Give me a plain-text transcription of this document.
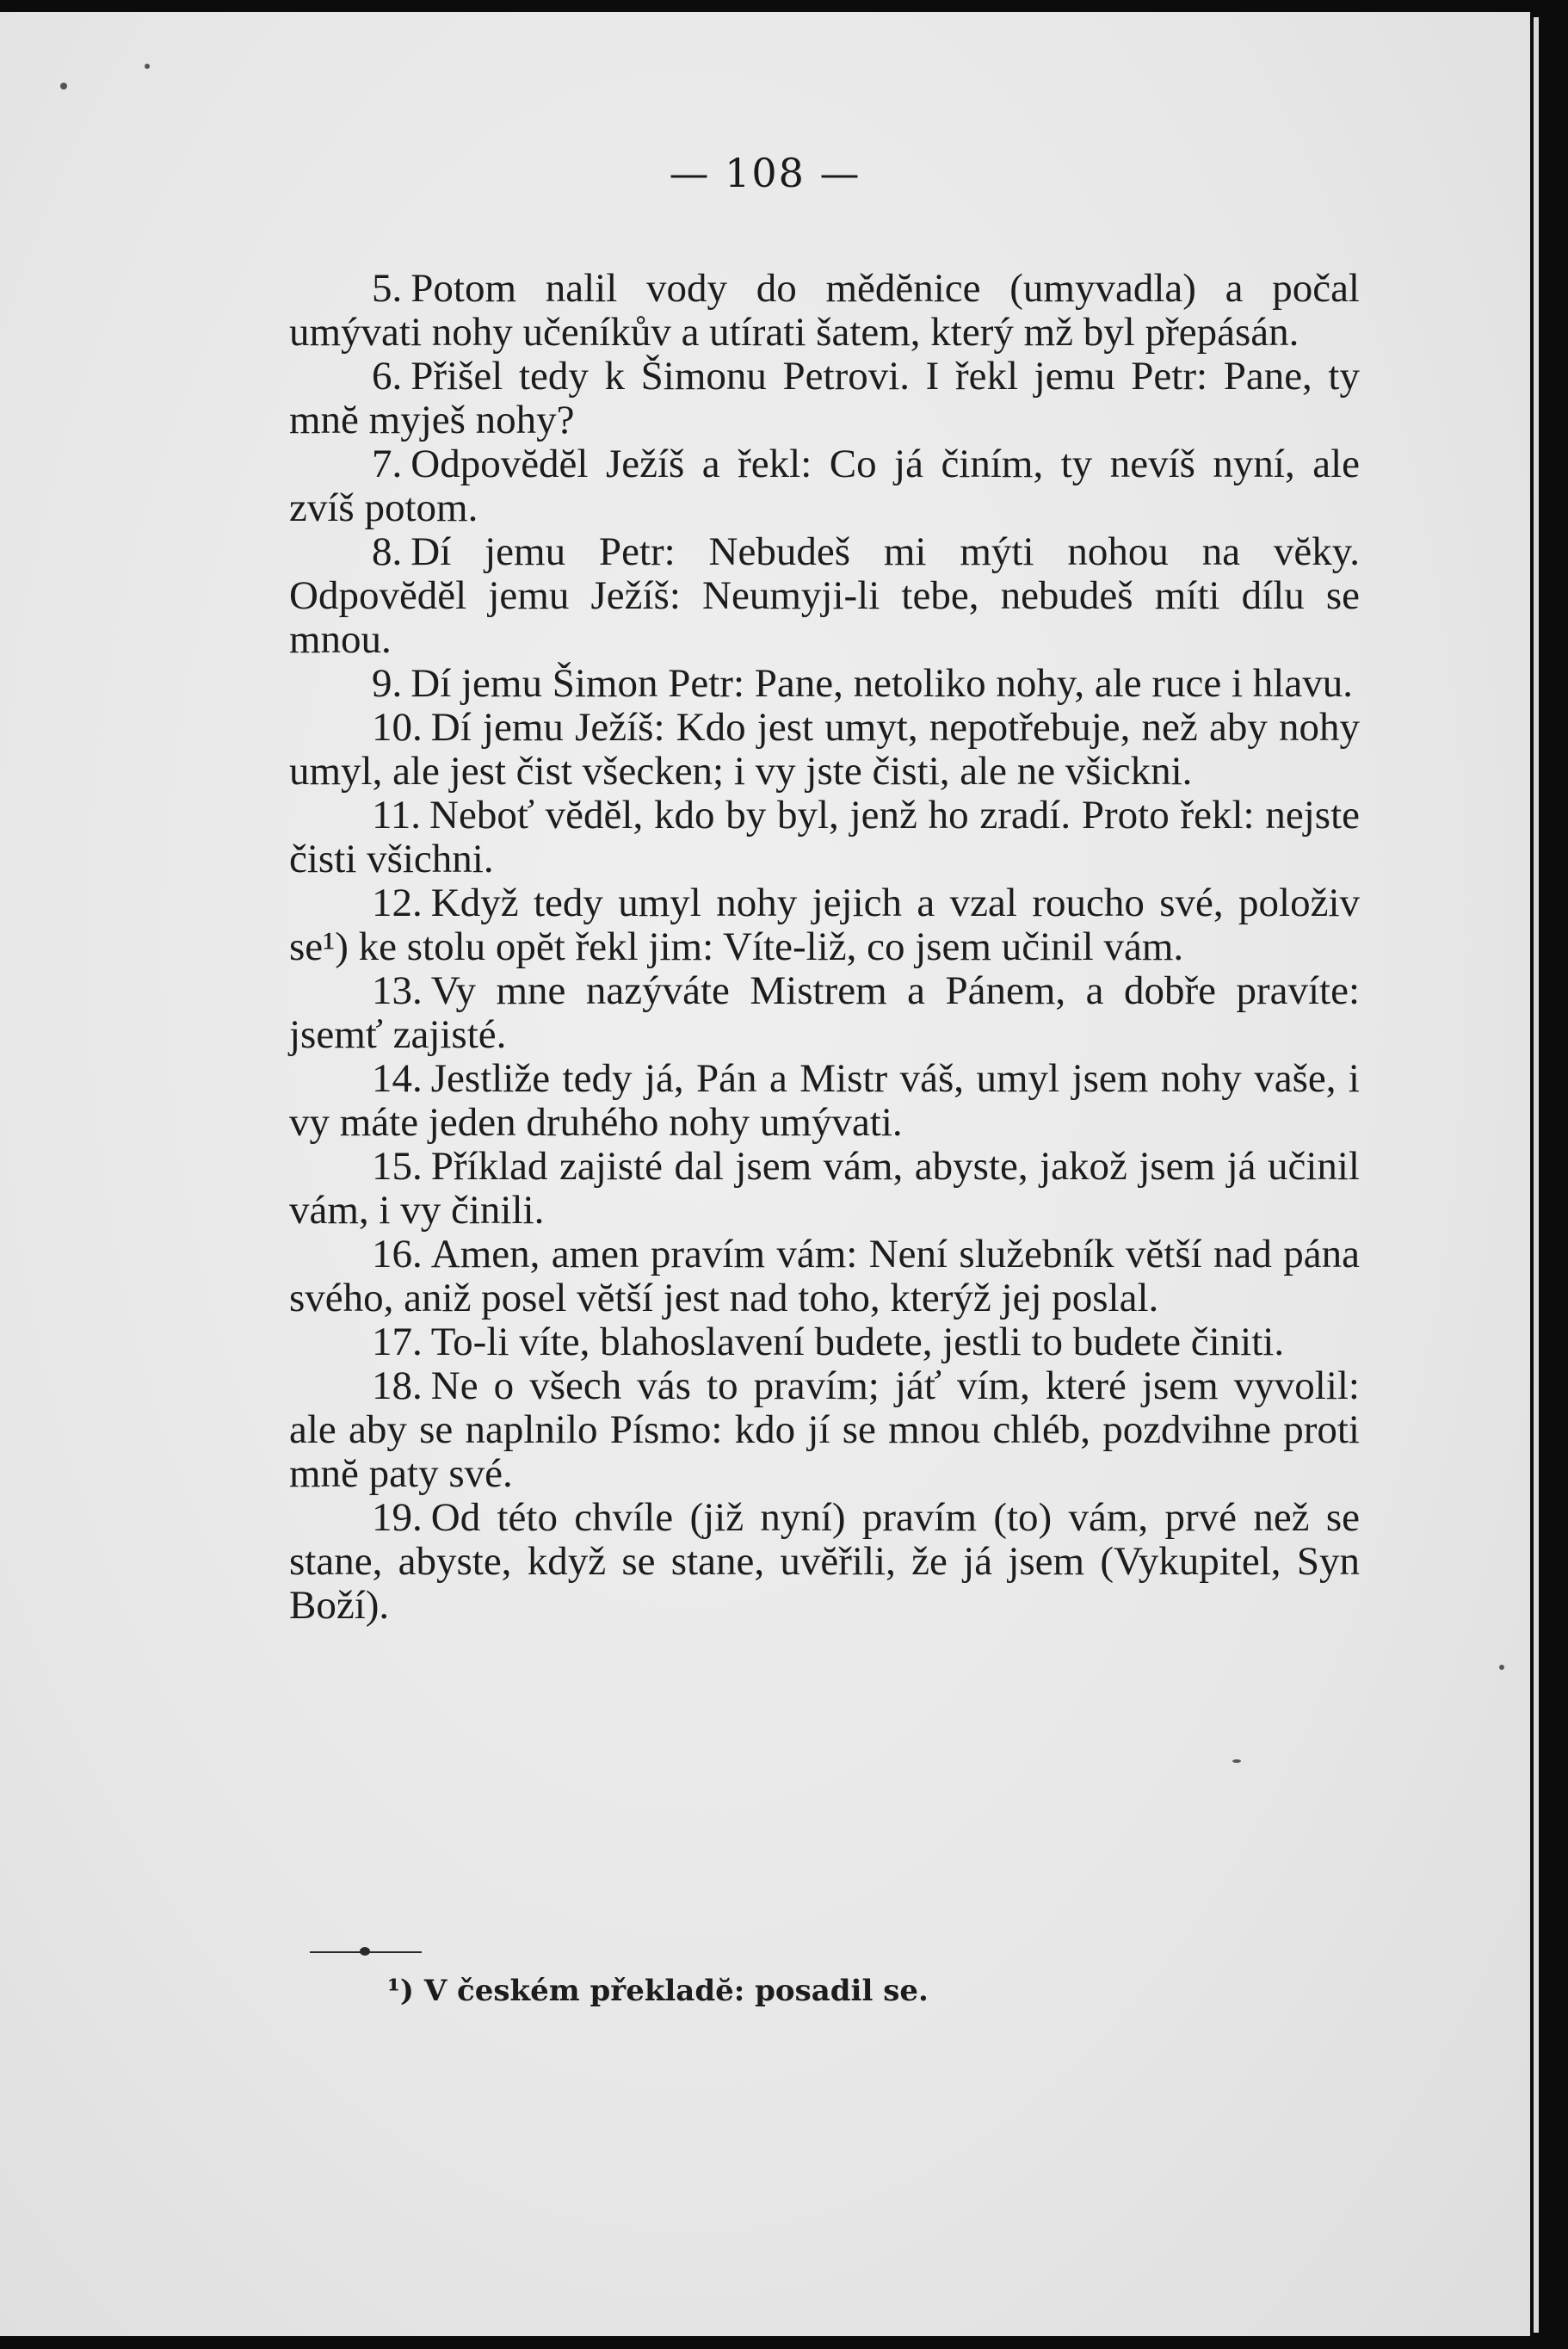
— 108 —

5. Potom nalil vody do mědĕnice (umyvadla) a počal umývati nohy učeníkův a utírati šatem, který mž byl přepásán.

6. Přišel tedy k Šimonu Petrovi. I řekl jemu Petr: Pane, ty mnĕ myješ nohy?

7. Odpovĕdĕl Ježíš a řekl: Co já činím, ty nevíš nyní, ale zvíš potom.

8. Dí jemu Petr: Nebudeš mi mýti nohou na vĕky. Odpovĕdĕl jemu Ježíš: Neumyji-li tebe, nebudeš míti dílu se mnou.

9. Dí jemu Šimon Petr: Pane, netoliko nohy, ale ruce i hlavu.

10. Dí jemu Ježíš: Kdo jest umyt, nepotřebuje, než aby nohy umyl, ale jest čist všecken; i vy jste čisti, ale ne všickni.

11. Neboť vĕdĕl, kdo by byl, jenž ho zradí. Proto řekl: nejste čisti všichni.

12. Když tedy umyl nohy jejich a vzal roucho své, položiv se¹) ke stolu opĕt řekl jim: Víte-liž, co jsem učinil vám.

13. Vy mne nazýváte Mistrem a Pánem, a dobře pravíte: jsemť zajisté.

14. Jestliže tedy já, Pán a Mistr váš, umyl jsem nohy vaše, i vy máte jeden druhého nohy umývati.

15. Příklad zajisté dal jsem vám, abyste, jakož jsem já učinil vám, i vy činili.

16. Amen, amen pravím vám: Není služebník vĕtší nad pána svého, aniž posel vĕtší jest nad toho, kterýž jej poslal.

17. To-li víte, blahoslavení budete, jestli to budete činiti.

18. Ne o všech vás to pravím; jáť vím, které jsem vyvolil: ale aby se naplnilo Písmo: kdo jí se mnou chléb, pozdvihne proti mnĕ paty své.

19. Od této chvíle (již nyní) pravím (to) vám, prvé než se stane, abyste, když se stane, uvĕřili, že já jsem (Vykupitel, Syn Boží).

¹) V českém překladĕ: posadil se.
